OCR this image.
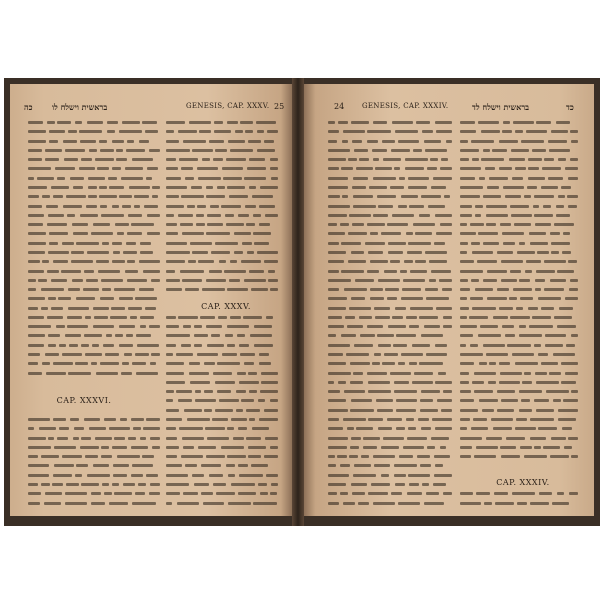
כה בראשית וישלח לו	GENESIS, CAP. XXXV. 25
CAP. XXXV.
CAP. XXXVI.
24	GENESIS, CAP. XXXIV.	בראשית וישלח לד	כד
CAP. XXXIV.
